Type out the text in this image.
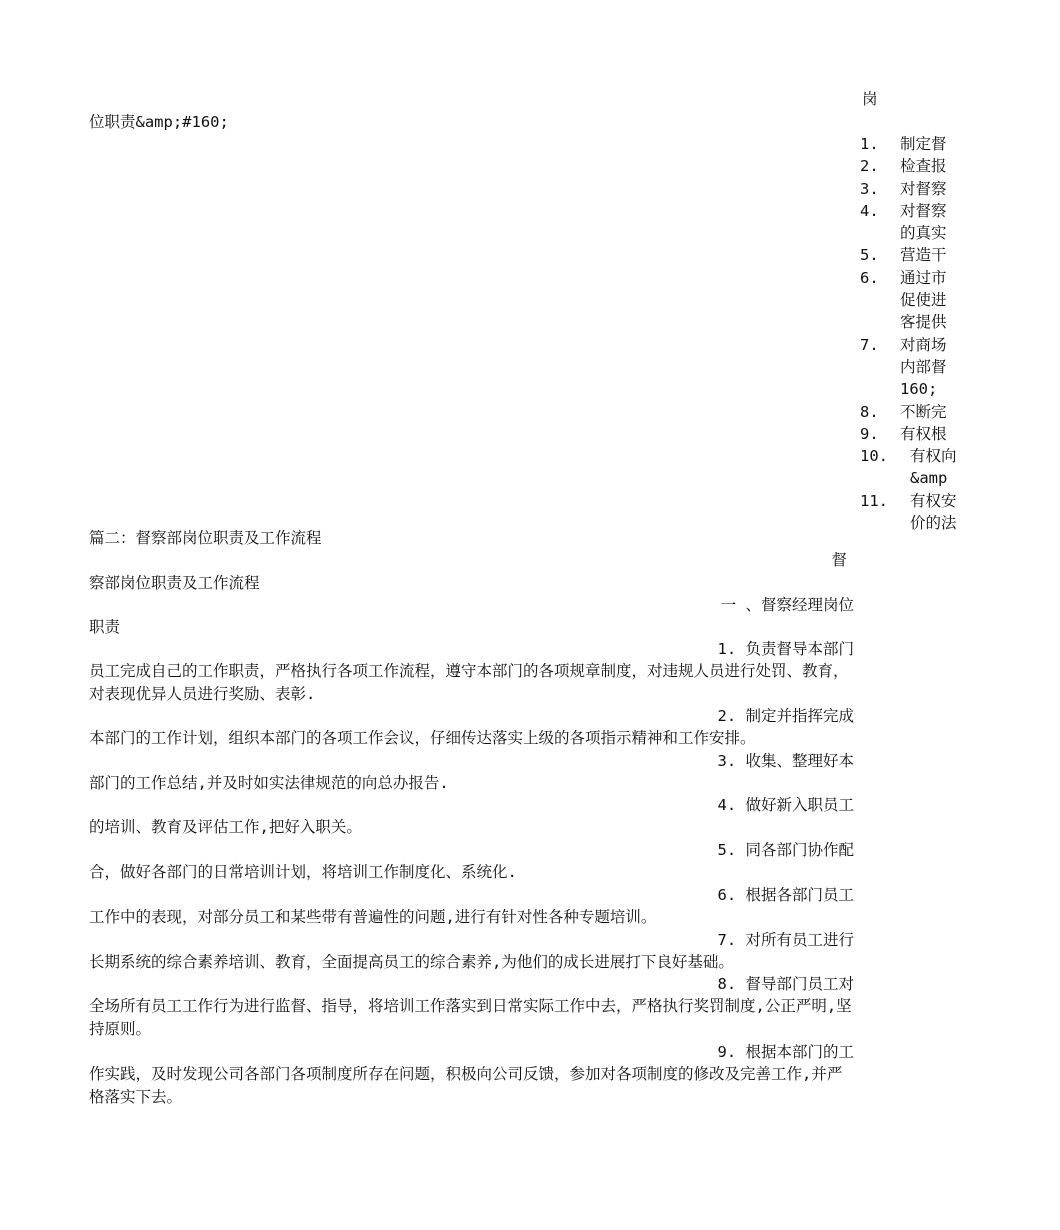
岗
位职责&amp;#160;
1. 制定督
2. 检查报
3. 对督察
4. 对督察
的真实
5. 营造干
6. 通过市
促使进
客提供
7. 对商场
内部督
160;
8. 不断完
9. 有权根
10. 有权向
&amp
11. 有权安
价的法
篇二：督察部岗位职责及工作流程
督
察部岗位职责及工作流程
一 、督察经理岗位
职责
1. 负责督导本部门
员工完成自己的工作职责，严格执行各项工作流程，遵守本部门的各项规章制度，对违规人员进行处罚、教育，对表现优异人员进行奖励、表彰.
2. 制定并指挥完成
本部门的工作计划，组织本部门的各项工作会议，仔细传达落实上级的各项指示精神和工作安排。
3. 收集、整理好本
部门的工作总结,并及时如实法律规范的向总办报告.
4. 做好新入职员工
的培训、教育及评估工作,把好入职关。
5. 同各部门协作配
合，做好各部门的日常培训计划，将培训工作制度化、系统化.
6. 根据各部门员工
工作中的表现，对部分员工和某些带有普遍性的问题,进行有针对性各种专题培训。
7. 对所有员工进行
长期系统的综合素养培训、教育，全面提高员工的综合素养,为他们的成长进展打下良好基础。
8. 督导部门员工对
全场所有员工工作行为进行监督、指导，将培训工作落实到日常实际工作中去，严格执行奖罚制度,公正严明,坚持原则。
9. 根据本部门的工
作实践，及时发现公司各部门各项制度所存在问题，积极向公司反馈，参加对各项制度的修改及完善工作,并严格落实下去。
